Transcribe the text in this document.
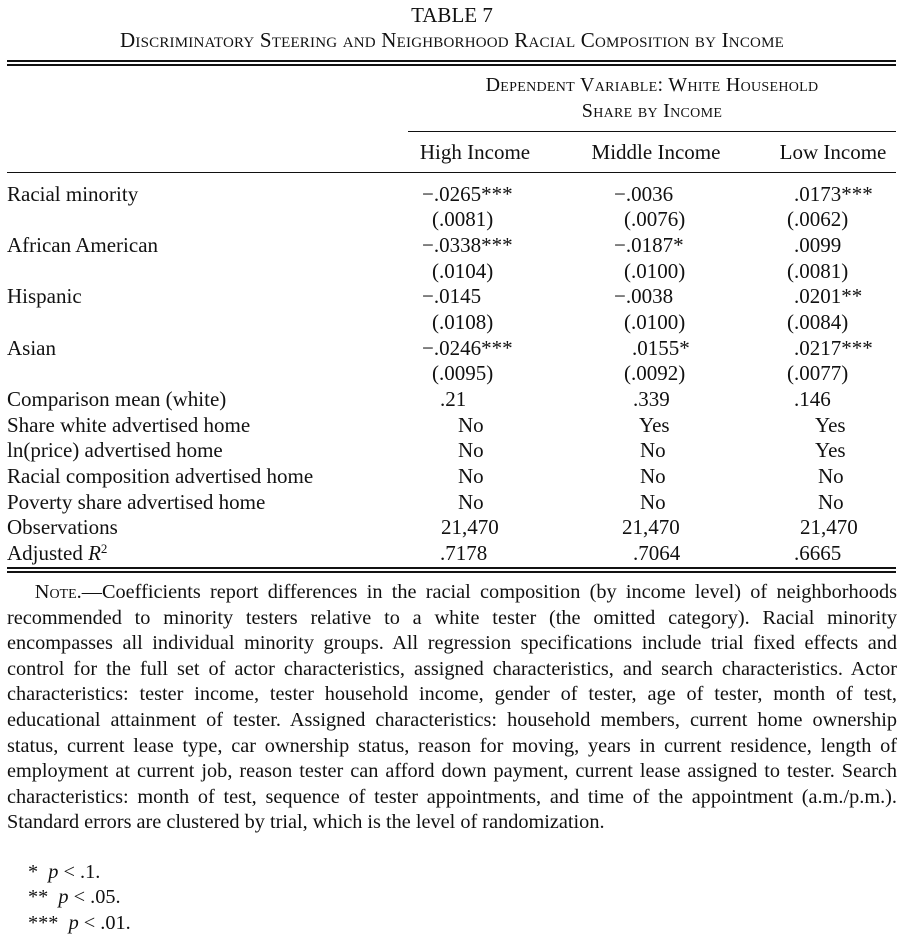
TABLE 7
Discriminatory Steering and Neighborhood Racial Composition by Income
Dependent Variable: White Household
Share by Income
High Income	Middle Income	Low Income
Racial minority	−.0265***	−.0036	.0173***
(.0081)	(.0076)	(.0062)
African American	−.0338***	−.0187*	.0099
(.0104)	(.0100)	(.0081)
Hispanic	−.0145	−.0038	.0201**
(.0108)	(.0100)	(.0084)
Asian	−.0246***	.0155*	.0217***
(.0095)	(.0092)	(.0077)
Comparison mean (white)	.21	.339	.146
Share white advertised home	No	Yes	Yes
ln(price) advertised home	No	No	Yes
Racial composition advertised home	No	No	No
Poverty share advertised home	No	No	No
Observations	21,470	21,470	21,470
Adjusted $R^2$	.7178	.7064	.6665
Note.—Coefficients report differences in the racial composition (by income level) of neighborhoods recommended to minority testers relative to a white tester (the omitted category). Racial minority encompasses all individual minority groups. All regression specifications include trial fixed effects and control for the full set of actor characteristics, assigned characteristics, and search characteristics. Actor characteristics: tester income, tester household income, gender of tester, age of tester, month of test, educational attainment of tester. Assigned characteristics: household members, current home ownership status, current lease type, car ownership status, reason for moving, years in current residence, length of employment at current job, reason tester can afford down payment, current lease assigned to tester. Search characteristics: month of test, sequence of tester appointments, and time of the appointment (a.m./p.m.). Standard errors are clustered by trial, which is the level of randomization.
* p < .1.
** p < .05.
*** p < .01.
